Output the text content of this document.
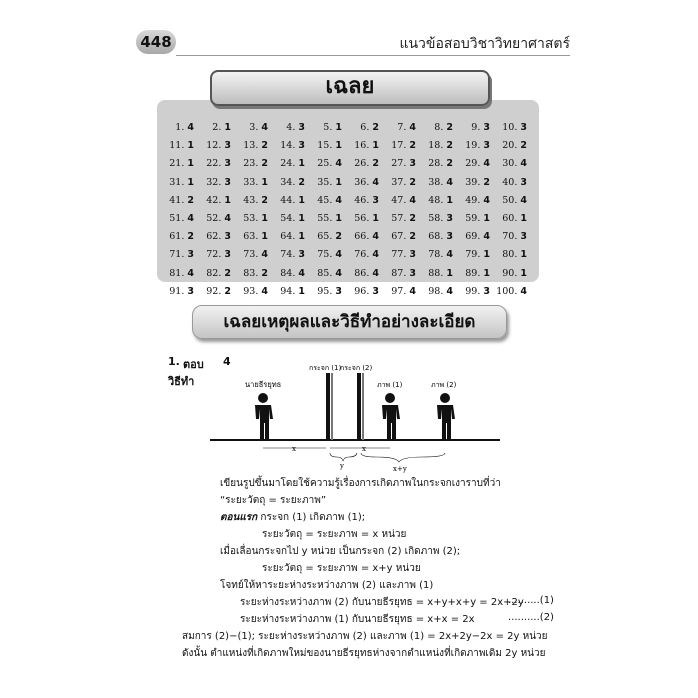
448	แนวข้อสอบวิชาวิทยาศาสตร์
เฉลย
1. 4	2. 1	3. 4	4. 3	5. 1	6. 2	7. 4	8. 2	9. 3	10. 3
11. 1	12. 3	13. 2	14. 3	15. 1	16. 1	17. 2	18. 2	19. 3	20. 2
21. 1	22. 3	23. 2	24. 1	25. 4	26. 2	27. 3	28. 2	29. 4	30. 4
31. 1	32. 3	33. 1	34. 2	35. 1	36. 4	37. 2	38. 4	39. 2	40. 3
41. 2	42. 1	43. 2	44. 1	45. 4	46. 3	47. 4	48. 1	49. 4	50. 4
51. 4	52. 4	53. 1	54. 1	55. 1	56. 1	57. 2	58. 3	59. 1	60. 1
61. 2	62. 3	63. 1	64. 1	65. 2	66. 4	67. 2	68. 3	69. 4	70. 3
71. 3	72. 3	73. 4	74. 3	75. 4	76. 4	77. 3	78. 4	79. 1	80. 1
81. 4	82. 2	83. 2	84. 4	85. 4	86. 4	87. 3	88. 1	89. 1	90. 1
91. 3	92. 2	93. 4	94. 1	95. 3	96. 3	97. 4	98. 4	99. 3 100. 4
เฉลยเหตุผลและวิธีทำอย่างละเอียด
1. ตอบ 4
วิธีทำ	นายธีรยุทธ
กระจก (1)
กระจก (2)
ภาพ (1)	ภาพ (2)
x	x
y	x+y
เขียนรูปขึ้นมาโดยใช้ความรู้เรื่องการเกิดภาพในกระจกเงาราบที่ว่า
“ระยะวัตถุ = ระยะภาพ”
ตอนแรก กระจก (1) เกิดภาพ (1);
ระยะวัตถุ = ระยะภาพ = x หน่วย
เมื่อเลื่อนกระจกไป y หน่วย เป็นกระจก (2) เกิดภาพ (2);
ระยะวัตถุ = ระยะภาพ = x+y หน่วย
โจทย์ให้หาระยะห่างระหว่างภาพ (2) และภาพ (1)
ระยะห่างระหว่างภาพ (2) กับนายธีรยุทธ = x+y+x+y = 2x+2y
..........(1)
ระยะห่างระหว่างภาพ (1) กับนายธีรยุทธ = x+x = 2x	..........(2)
สมการ (2)−(1); ระยะห่างระหว่างภาพ (2) และภาพ (1) = 2x+2y−2x = 2y หน่วย
ดังนั้น ตำแหน่งที่เกิดภาพใหม่ของนายธีรยุทธห่างจากตำแหน่งที่เกิดภาพเดิม 2y หน่วย
